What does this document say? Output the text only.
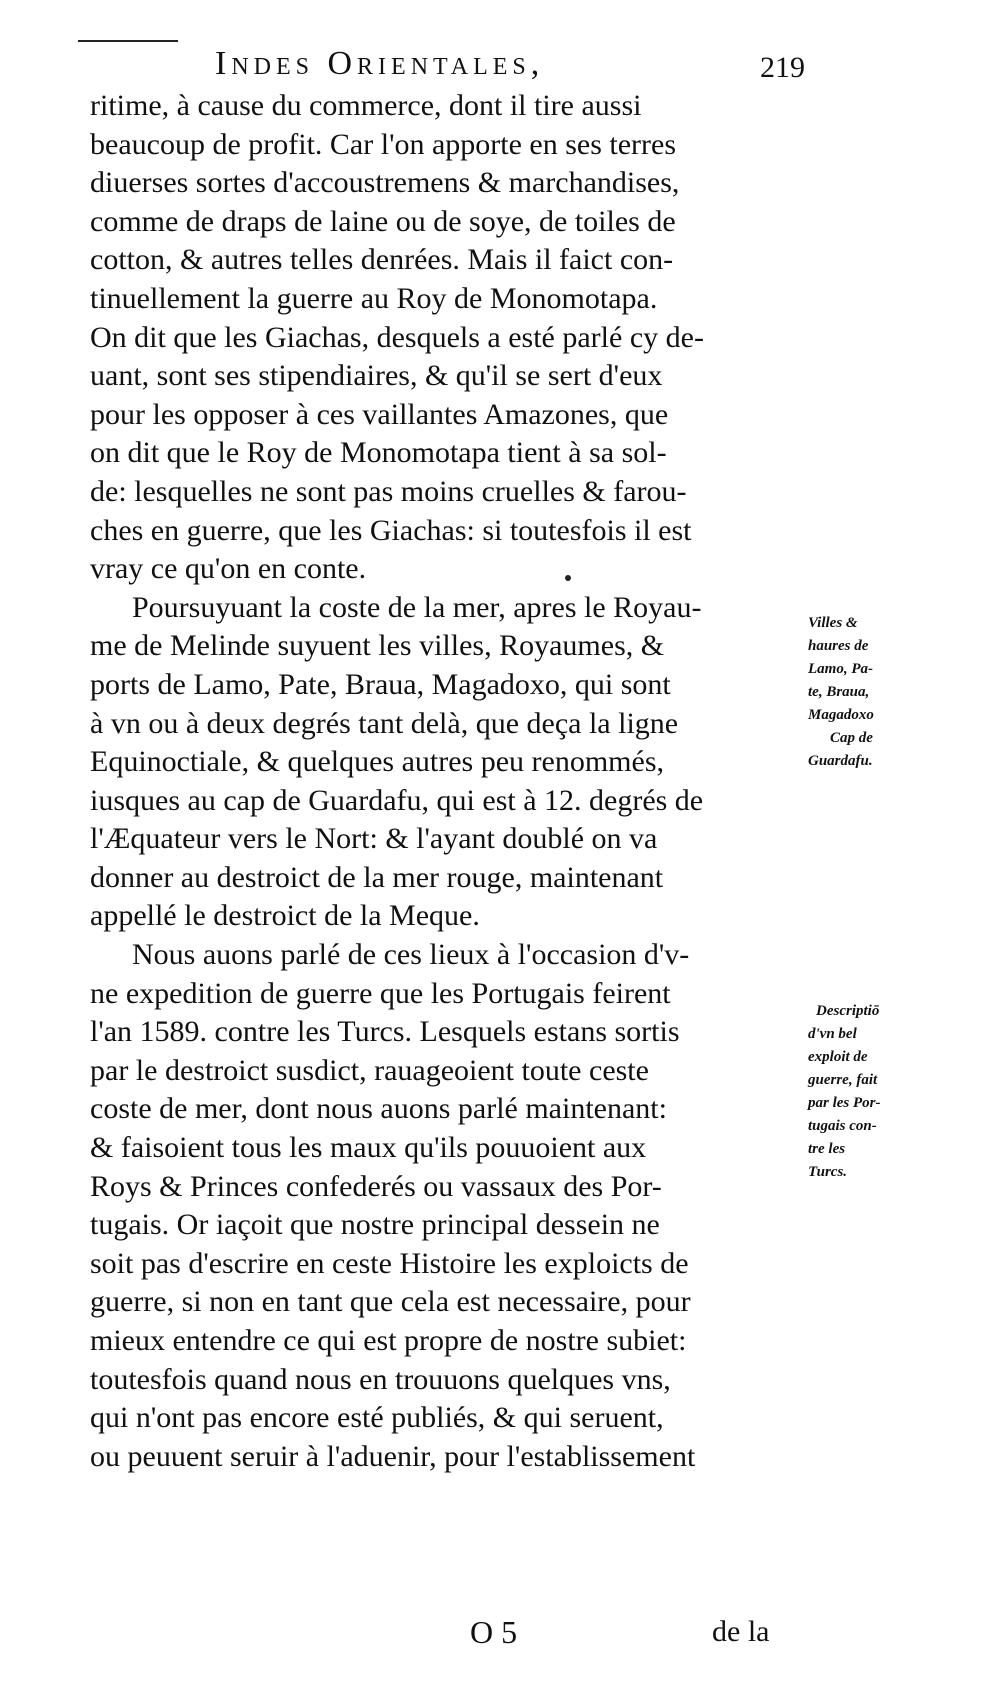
Indes Orientales,	219
ritime, à cause du commerce, dont il tire aussi
beaucoup de profit. Car l'on apporte en ses terres
diuerses sortes d'accoustremens & marchandises,
comme de draps de laine ou de soye, de toiles de
cotton, & autres telles denrées. Mais il faict con-
tinuellement la guerre au Roy de Monomotapa.
On dit que les Giachas, desquels a esté parlé cy de-
uant, sont ses stipendiaires, & qu'il se sert d'eux
pour les opposer à ces vaillantes Amazones, que
on dit que le Roy de Monomotapa tient à sa sol-
de: lesquelles ne sont pas moins cruelles & farou-
ches en guerre, que les Giachas: si toutesfois il est
vray ce qu'on en conte.
Poursuyuant la coste de la mer, apres le Royau-
me de Melinde suyuent les villes, Royaumes, &
ports de Lamo, Pate, Braua, Magadoxo, qui sont
à vn ou à deux degrés tant delà, que deça la ligne
Equinoctiale, & quelques autres peu renommés,
iusques au cap de Guardafu, qui est à 12. degrés de
l'Æquateur vers le Nort: & l'ayant doublé on va
donner au destroict de la mer rouge, maintenant
appellé le destroict de la Meque.
Nous auons parlé de ces lieux à l'occasion d'v-
ne expedition de guerre que les Portugais feirent
l'an 1589. contre les Turcs. Lesquels estans sortis
par le destroict susdict, rauageoient toute ceste
coste de mer, dont nous auons parlé maintenant:
& faisoient tous les maux qu'ils pouuoient aux
Roys & Princes confederés ou vassaux des Por-
tugais. Or iaçoit que nostre principal dessein ne
soit pas d'escrire en ceste Histoire les exploicts de
guerre, si non en tant que cela est necessaire, pour
mieux entendre ce qui est propre de nostre subiet:
toutesfois quand nous en trouuons quelques vns,
qui n'ont pas encore esté publiés, & qui seruent,
ou peuuent seruir à l'aduenir, pour l'establissement
Villes &
haures de
Lamo, Pa-
te, Braua,
Magadoxo
Cap de
Guardafu.
Descriptiō
d'vn bel
exploit de
guerre, fait
par les Por-
tugais con-
tre les
Turcs.
O 5	de la
